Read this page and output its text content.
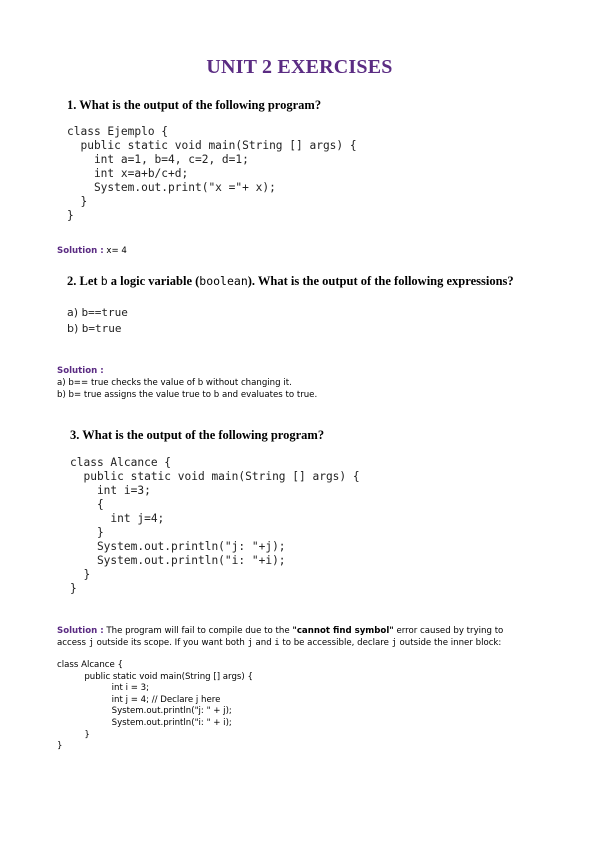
UNIT 2 EXERCISES
1. What is the output of the following program?
class Ejemplo {
public static void main(String [] args) {
int a=1, b=4, c=2, d=1;
int x=a+b/c+d;
System.out.print("x ="+ x);
}
}
Solution : x= 4
2. Let b a logic variable (boolean). What is the output of the following expressions?
a) b==true
b) b=true
Solution :
a) b== true checks the value of b without changing it.
b) b= true assigns the value true to b and evaluates to true.
3. What is the output of the following program?
class Alcance {
public static void main(String [] args) {
int i=3;
{
int j=4;
}
System.out.println("j: "+j);
System.out.println("i: "+i);
}
}
Solution : The program will fail to compile due to the "cannot find symbol" error caused by trying to
access j outside its scope. If you want both j and i to be accessible, declare j outside the inner block:
class Alcance {
public static void main(String [] args) {
int i = 3;
int j = 4; // Declare j here
System.out.println("j: " + j);
System.out.println("i: " + i);
}
}
